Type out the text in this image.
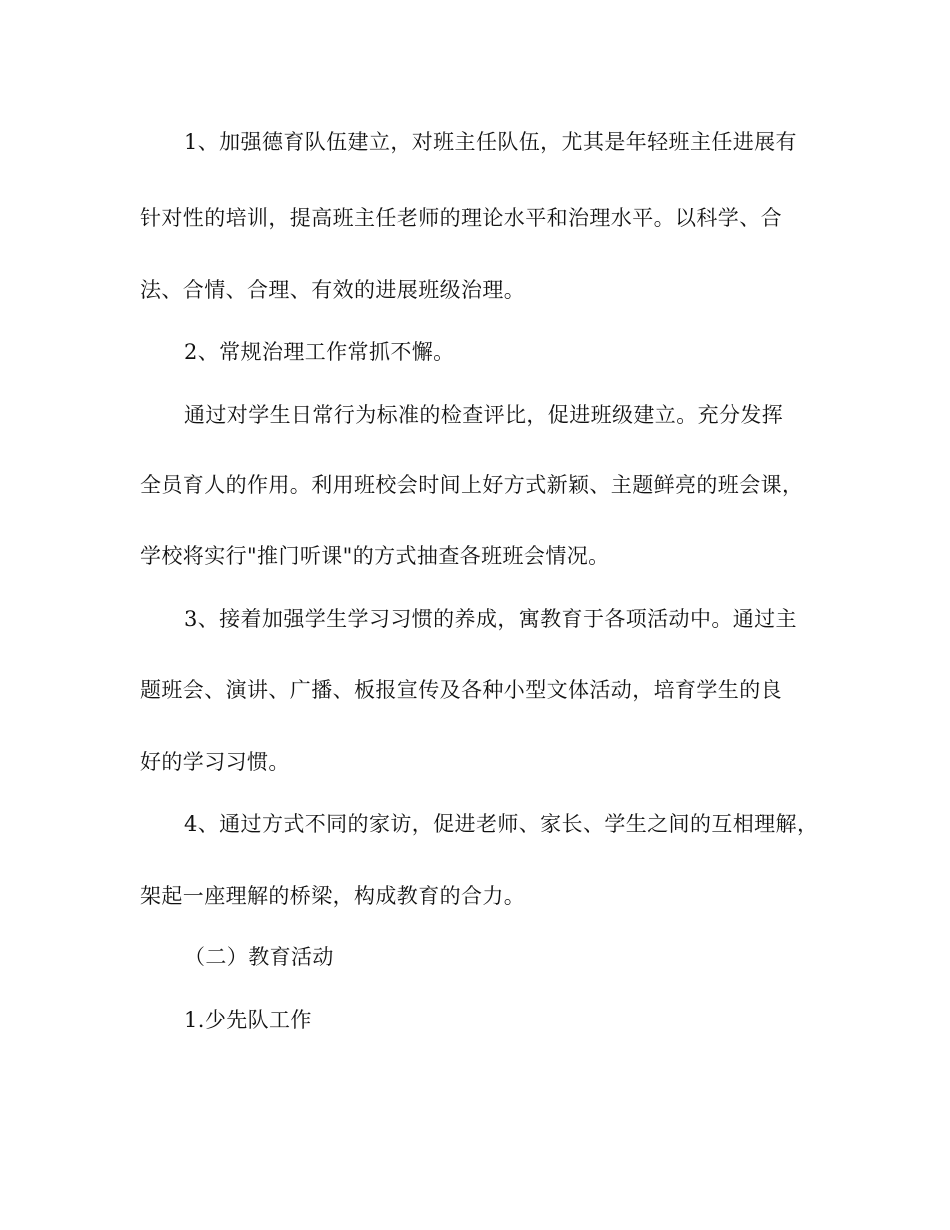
1、加强德育队伍建立，对班主任队伍，尤其是年轻班主任进展有
针对性的培训，提高班主任老师的理论水平和治理水平。以科学、合
法、合情、合理、有效的进展班级治理。
2、常规治理工作常抓不懈。
通过对学生日常行为标准的检查评比，促进班级建立。充分发挥
全员育人的作用。利用班校会时间上好方式新颖、主题鲜亮的班会课，
学校将实行"推门听课"的方式抽查各班班会情况。
3、接着加强学生学习习惯的养成，寓教育于各项活动中。通过主
题班会、演讲、广播、板报宣传及各种小型文体活动，培育学生的良
好的学习习惯。
4、通过方式不同的家访，促进老师、家长、学生之间的互相理解，
架起一座理解的桥梁，构成教育的合力。
（二）教育活动
1.少先队工作
